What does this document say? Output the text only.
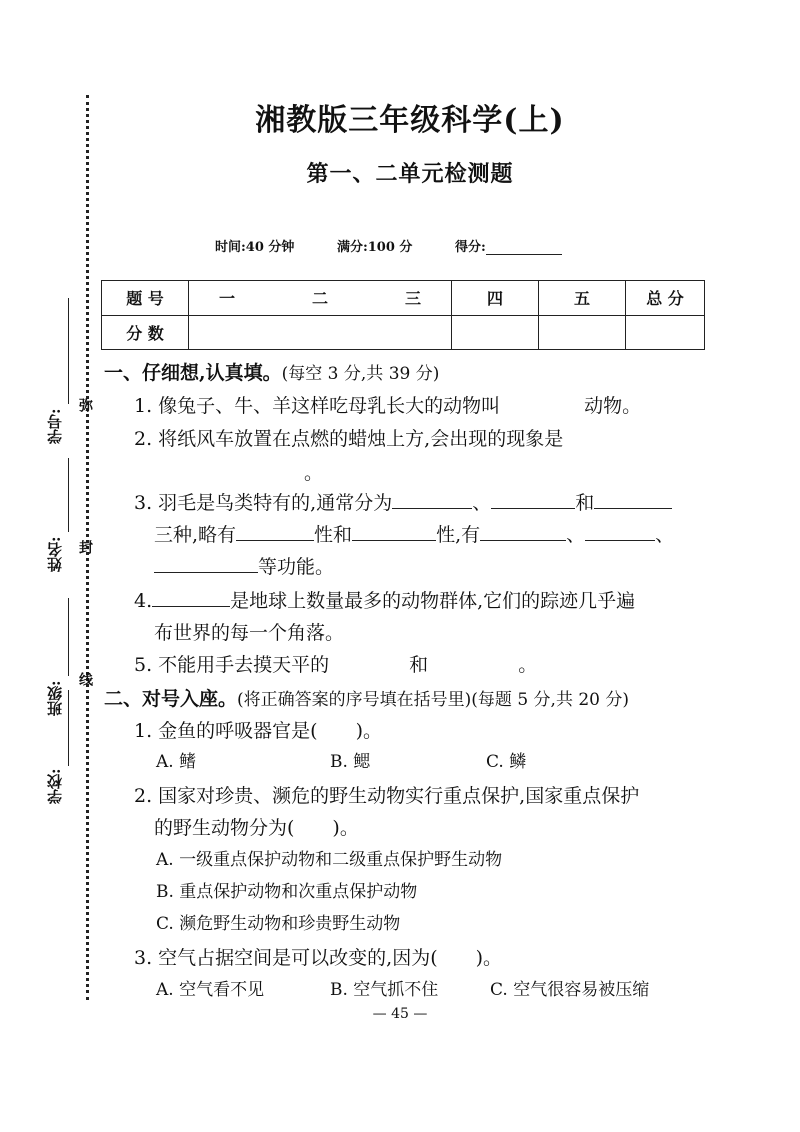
弥
封
线
学号:
姓名:
班级:
学校:
湘教版三年级科学(上)
第一、二单元检测题
时间:40 分钟	满分:100 分	得分:
题 号	一 二 三	四	五	总 分
分 数				
一、仔细想,认真填。(每空 3 分,共 39 分)
1. 像兔子、牛、羊这样吃母乳长大的动物叫	动物。
2. 将纸风车放置在点燃的蜡烛上方,会出现的现象是
。
3. 羽毛是鸟类特有的,通常分为	、	和
三种,略有	性和	性,有	、	、
等功能。
4.	是地球上数量最多的动物群体,它们的踪迹几乎遍
布世界的每一个角落。
5. 不能用手去摸天平的	和	。
二、对号入座。(将正确答案的序号填在括号里)(每题 5 分,共 20 分)
1. 金鱼的呼吸器官是(　　)。
A. 鳍	B. 鳃	C. 鳞
2. 国家对珍贵、濒危的野生动物实行重点保护,国家重点保护
的野生动物分为(　　)。
A. 一级重点保护动物和二级重点保护野生动物
B. 重点保护动物和次重点保护动物
C. 濒危野生动物和珍贵野生动物
3. 空气占据空间是可以改变的,因为(　　)。
A. 空气看不见	B. 空气抓不住	C. 空气很容易被压缩
— 45 —
